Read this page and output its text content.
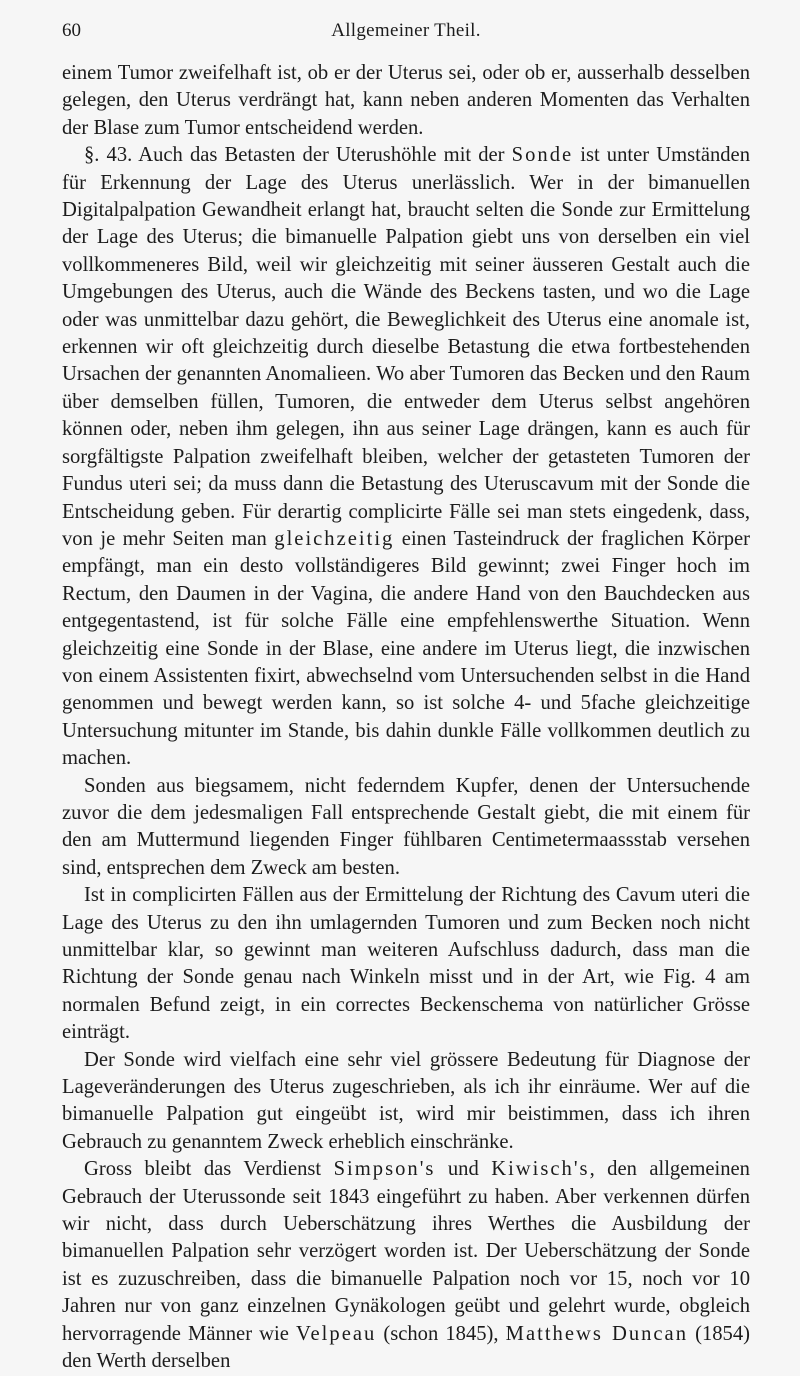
60	Allgemeiner Theil.

einem Tumor zweifelhaft ist, ob er der Uterus sei, oder ob er, ausserhalb desselben gelegen, den Uterus verdrängt hat, kann neben anderen Momenten das Verhalten der Blase zum Tumor entscheidend werden.

§. 43. Auch das Betasten der Uterushöhle mit der Sonde ist unter Umständen für Erkennung der Lage des Uterus unerlässlich. Wer in der bimanuellen Digitalpalpation Gewandheit erlangt hat, braucht selten die Sonde zur Ermittelung der Lage des Uterus; die bimanuelle Palpation giebt uns von derselben ein viel vollkommeneres Bild, weil wir gleichzeitig mit seiner äusseren Gestalt auch die Umgebungen des Uterus, auch die Wände des Beckens tasten, und wo die Lage oder was unmittelbar dazu gehört, die Beweglichkeit des Uterus eine anomale ist, erkennen wir oft gleichzeitig durch dieselbe Betastung die etwa fortbestehenden Ursachen der genannten Anomalieen. Wo aber Tumoren das Becken und den Raum über demselben füllen, Tumoren, die entweder dem Uterus selbst angehören können oder, neben ihm gelegen, ihn aus seiner Lage drängen, kann es auch für sorgfältigste Palpation zweifelhaft bleiben, welcher der getasteten Tumoren der Fundus uteri sei; da muss dann die Betastung des Uteruscavum mit der Sonde die Entscheidung geben. Für derartig complicirte Fälle sei man stets eingedenk, dass, von je mehr Seiten man gleichzeitig einen Tasteindruck der fraglichen Körper empfängt, man ein desto vollständigeres Bild gewinnt; zwei Finger hoch im Rectum, den Daumen in der Vagina, die andere Hand von den Bauchdecken aus entgegentastend, ist für solche Fälle eine empfehlenswerthe Situation. Wenn gleichzeitig eine Sonde in der Blase, eine andere im Uterus liegt, die inzwischen von einem Assistenten fixirt, abwechselnd vom Untersuchenden selbst in die Hand genommen und bewegt werden kann, so ist solche 4- und 5fache gleichzeitige Untersuchung mitunter im Stande, bis dahin dunkle Fälle vollkommen deutlich zu machen.

Sonden aus biegsamem, nicht federndem Kupfer, denen der Untersuchende zuvor die dem jedesmaligen Fall entsprechende Gestalt giebt, die mit einem für den am Muttermund liegenden Finger fühlbaren Centimetermaassstab versehen sind, entsprechen dem Zweck am besten.

Ist in complicirten Fällen aus der Ermittelung der Richtung des Cavum uteri die Lage des Uterus zu den ihn umlagernden Tumoren und zum Becken noch nicht unmittelbar klar, so gewinnt man weiteren Aufschluss dadurch, dass man die Richtung der Sonde genau nach Winkeln misst und in der Art, wie Fig. 4 am normalen Befund zeigt, in ein correctes Beckenschema von natürlicher Grösse einträgt.

Der Sonde wird vielfach eine sehr viel grössere Bedeutung für Diagnose der Lageveränderungen des Uterus zugeschrieben, als ich ihr einräume. Wer auf die bimanuelle Palpation gut eingeübt ist, wird mir beistimmen, dass ich ihren Gebrauch zu genanntem Zweck erheblich einschränke.

Gross bleibt das Verdienst Simpson's und Kiwisch's, den allgemeinen Gebrauch der Uterussonde seit 1843 eingeführt zu haben. Aber verkennen dürfen wir nicht, dass durch Ueberschätzung ihres Werthes die Ausbildung der bimanuellen Palpation sehr verzögert worden ist. Der Ueberschätzung der Sonde ist es zuzuschreiben, dass die bimanuelle Palpation noch vor 15, noch vor 10 Jahren nur von ganz einzelnen Gynäkologen geübt und gelehrt wurde, obgleich hervorragende Männer wie Velpeau (schon 1845), Matthews Duncan (1854) den Werth derselben
